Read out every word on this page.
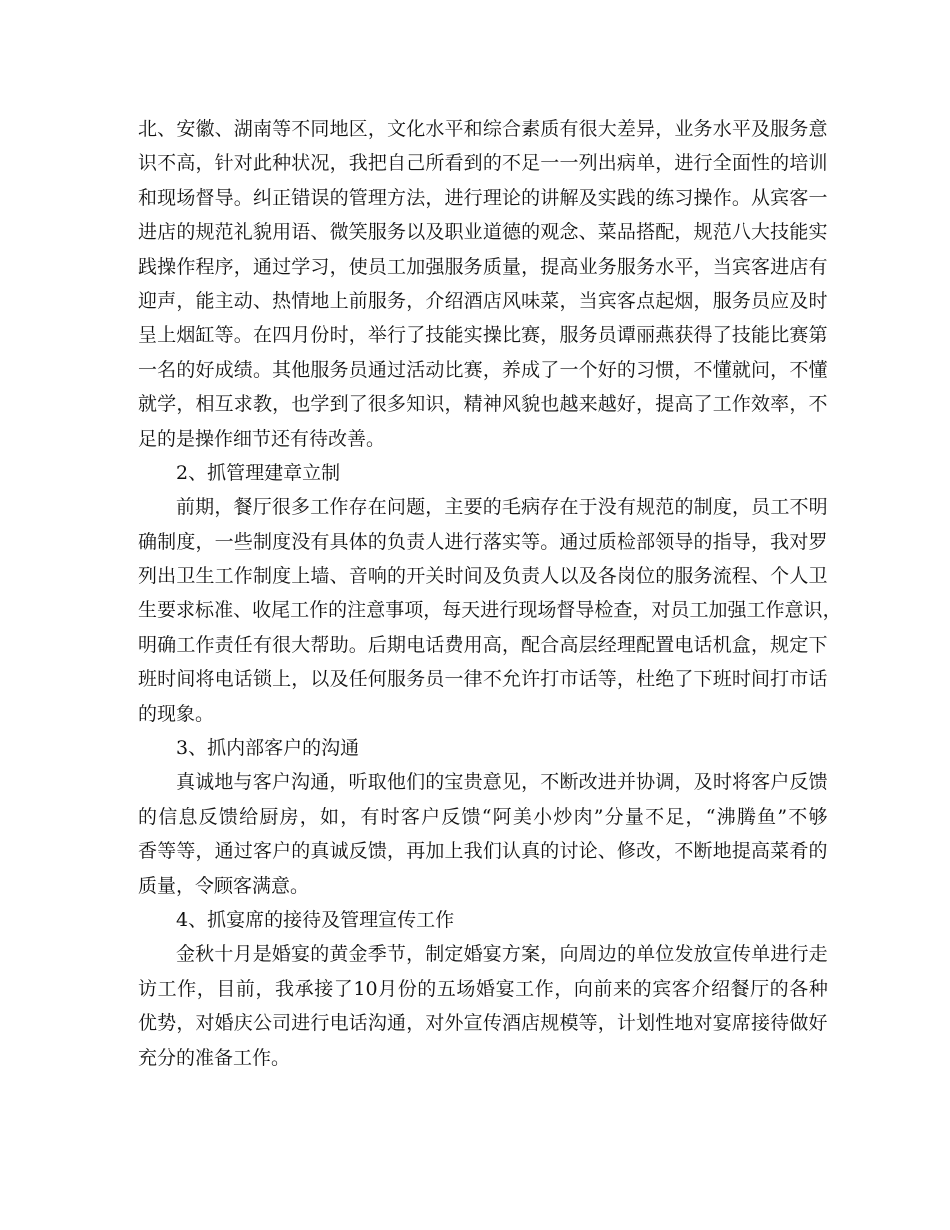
北 、 安 徽 、 湖 南 等 不 同 地 区 ， 文 化 水 平 和 综 合 素 质 有 很 大 差 异 ， 业 务 水 平 及 服 务 意
识 不 高 ， 针 对 此 种 状 况 ， 我 把 自 己 所 看 到 的 不 足 一 一 列 出 病 单 ， 进 行 全 面 性 的 培 训
和 现 场 督 导 。 纠 正 错 误 的 管 理 方 法 ， 进 行 理 论 的 讲 解 及 实 践 的 练 习 操 作 。 从 宾 客 一
进 店 的 规 范 礼 貌 用 语 、 微 笑 服 务 以 及 职 业 道 德 的 观 念 、 菜 品 搭 配 ， 规 范 八 大 技 能 实
践 操 作 程 序 ， 通 过 学 习 ， 使 员 工 加 强 服 务 质 量 ， 提 高 业 务 服 务 水 平 ， 当 宾 客 进 店 有
迎 声 ， 能 主 动 、 热 情 地 上 前 服 务 ， 介 绍 酒 店 风 味 菜 ， 当 宾 客 点 起 烟 ， 服 务 员 应 及 时
呈 上 烟 缸 等 。 在 四 月 份 时 ， 举 行 了 技 能 实 操 比 赛 ， 服 务 员 谭 丽 燕 获 得 了 技 能 比 赛 第
一 名 的 好 成 绩 。 其 他 服 务 员 通 过 活 动 比 赛 ， 养 成 了 一 个 好 的 习 惯 ， 不 懂 就 问 ， 不 懂
就 学 ， 相 互 求 教 ， 也 学 到 了 很 多 知 识 ， 精 神 风 貌 也 越 来 越 好 ， 提 高 了 工 作 效 率 ， 不
足的是操作细节还有待改善。
2、抓管理建章立制
前 期 ， 餐 厅 很 多 工 作 存 在 问 题 ， 主 要 的 毛 病 存 在 于 没 有 规 范 的 制 度 ， 员 工 不 明
确 制 度 ， 一 些 制 度 没 有 具 体 的 负 责 人 进 行 落 实 等 。 通 过 质 检 部 领 导 的 指 导 ， 我 对 罗
列 出 卫 生 工 作 制 度 上 墙 、 音 响 的 开 关 时 间 及 负 责 人 以 及 各 岗 位 的 服 务 流 程 、 个 人 卫
生 要 求 标 准 、 收 尾 工 作 的 注 意 事 项 ， 每 天 进 行 现 场 督 导 检 查 ， 对 员 工 加 强 工 作 意 识 ，
明 确 工 作 责 任 有 很 大 帮 助 。 后 期 电 话 费 用 高 ， 配 合 高 层 经 理 配 置 电 话 机 盒 ， 规 定 下
班 时 间 将 电 话 锁 上 ， 以 及 任 何 服 务 员 一 律 不 允 许 打 市 话 等 ， 杜 绝 了 下 班 时 间 打 市 话
的现象。
3、抓内部客户的沟通
真 诚 地 与 客 户 沟 通 ， 听 取 他 们 的 宝 贵 意 见 ， 不 断 改 进 并 协 调 ， 及 时 将 客 户 反 馈
的 信 息 反 馈 给 厨 房 ， 如 ， 有 时 客 户 反 馈 “ 阿 美 小 炒 肉 ” 分 量 不 足 ， “ 沸 腾 鱼 ” 不 够
香 等 等 ， 通 过 客 户 的 真 诚 反 馈 ， 再 加 上 我 们 认 真 的 讨 论 、 修 改 ， 不 断 地 提 高 菜 肴 的
质量，令顾客满意。
4、抓宴席的接待及管理宣传工作
金 秋 十 月 是 婚 宴 的 黄 金 季 节 ， 制 定 婚 宴 方 案 ， 向 周 边 的 单 位 发 放 宣 传 单 进 行 走
访 工 作 ， 目 前 ， 我 承 接 了 10 月 份 的 五 场 婚 宴 工 作 ， 向 前 来 的 宾 客 介 绍 餐 厅 的 各 种
优 势 ， 对 婚 庆 公 司 进 行 电 话 沟 通 ， 对 外 宣 传 酒 店 规 模 等 ， 计 划 性 地 对 宴 席 接 待 做 好
充分的准备工作。
